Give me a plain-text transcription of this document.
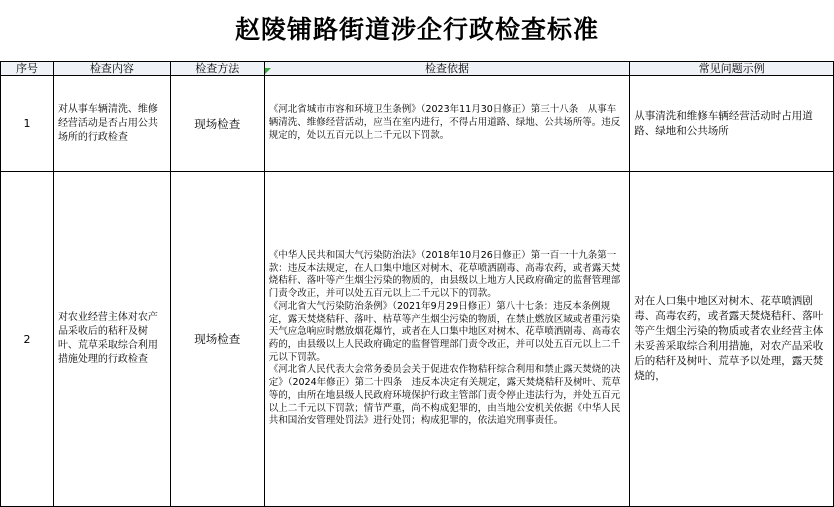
赵陵铺路街道涉企行政检查标准
序号	检查内容	检查方法	检查依据	常见问题示例
1	对从事车辆清洗、维修经营活动是否占用公共场所的行政检查	现场检查	《河北省城市市容和环境卫生条例》（2023年11月30日修正）第三十八条　从事车辆清洗、维修经营活动，应当在室内进行，不得占用道路、绿地、公共场所等。违反规定的，处以五百元以上二千元以下罚款。	从事清洗和维修车辆经营活动时占用道路、绿地和公共场所
2	对农业经营主体对农产品采收后的秸秆及树叶、荒草采取综合利用措施处理的行政检查	现场检查	《中华人民共和国大气污染防治法》（2018年10月26日修正）第一百一十九条第一款：违反本法规定，在人口集中地区对树木、花草喷洒剧毒、高毒农药，或者露天焚烧秸秆、落叶等产生烟尘污染的物质的，由县级以上地方人民政府确定的监督管理部门责令改正，并可以处五百元以上二千元以下的罚款。

《河北省大气污染防治条例》（2021年9月29日修正）第八十七条：违反本条例规定，露天焚烧秸秆、落叶、枯草等产生烟尘污染的物质，在禁止燃放区域或者重污染天气应急响应时燃放烟花爆竹，或者在人口集中地区对树木、花草喷洒剧毒、高毒农药的，由县级以上人民政府确定的监督管理部门责令改正，并可以处五百元以上二千元以下罚款。

《河北省人民代表大会常务委员会关于促进农作物秸秆综合利用和禁止露天焚烧的决定》（2024年修正）第二十四条　违反本决定有关规定，露天焚烧秸秆及树叶、荒草等的，由所在地县级人民政府环境保护行政主管部门责令停止违法行为，并处五百元以上二千元以下罚款；情节严重，尚不构成犯罪的，由当地公安机关依据《中华人民共和国治安管理处罚法》进行处罚；构成犯罪的，依法追究刑事责任。	对在人口集中地区对树木、花草喷洒剧毒、高毒农药，或者露天焚烧秸秆、落叶等产生烟尘污染的物质或者农业经营主体未妥善采取综合利用措施，对农产品采收后的秸秆及树叶、荒草予以处理，露天焚烧的，
